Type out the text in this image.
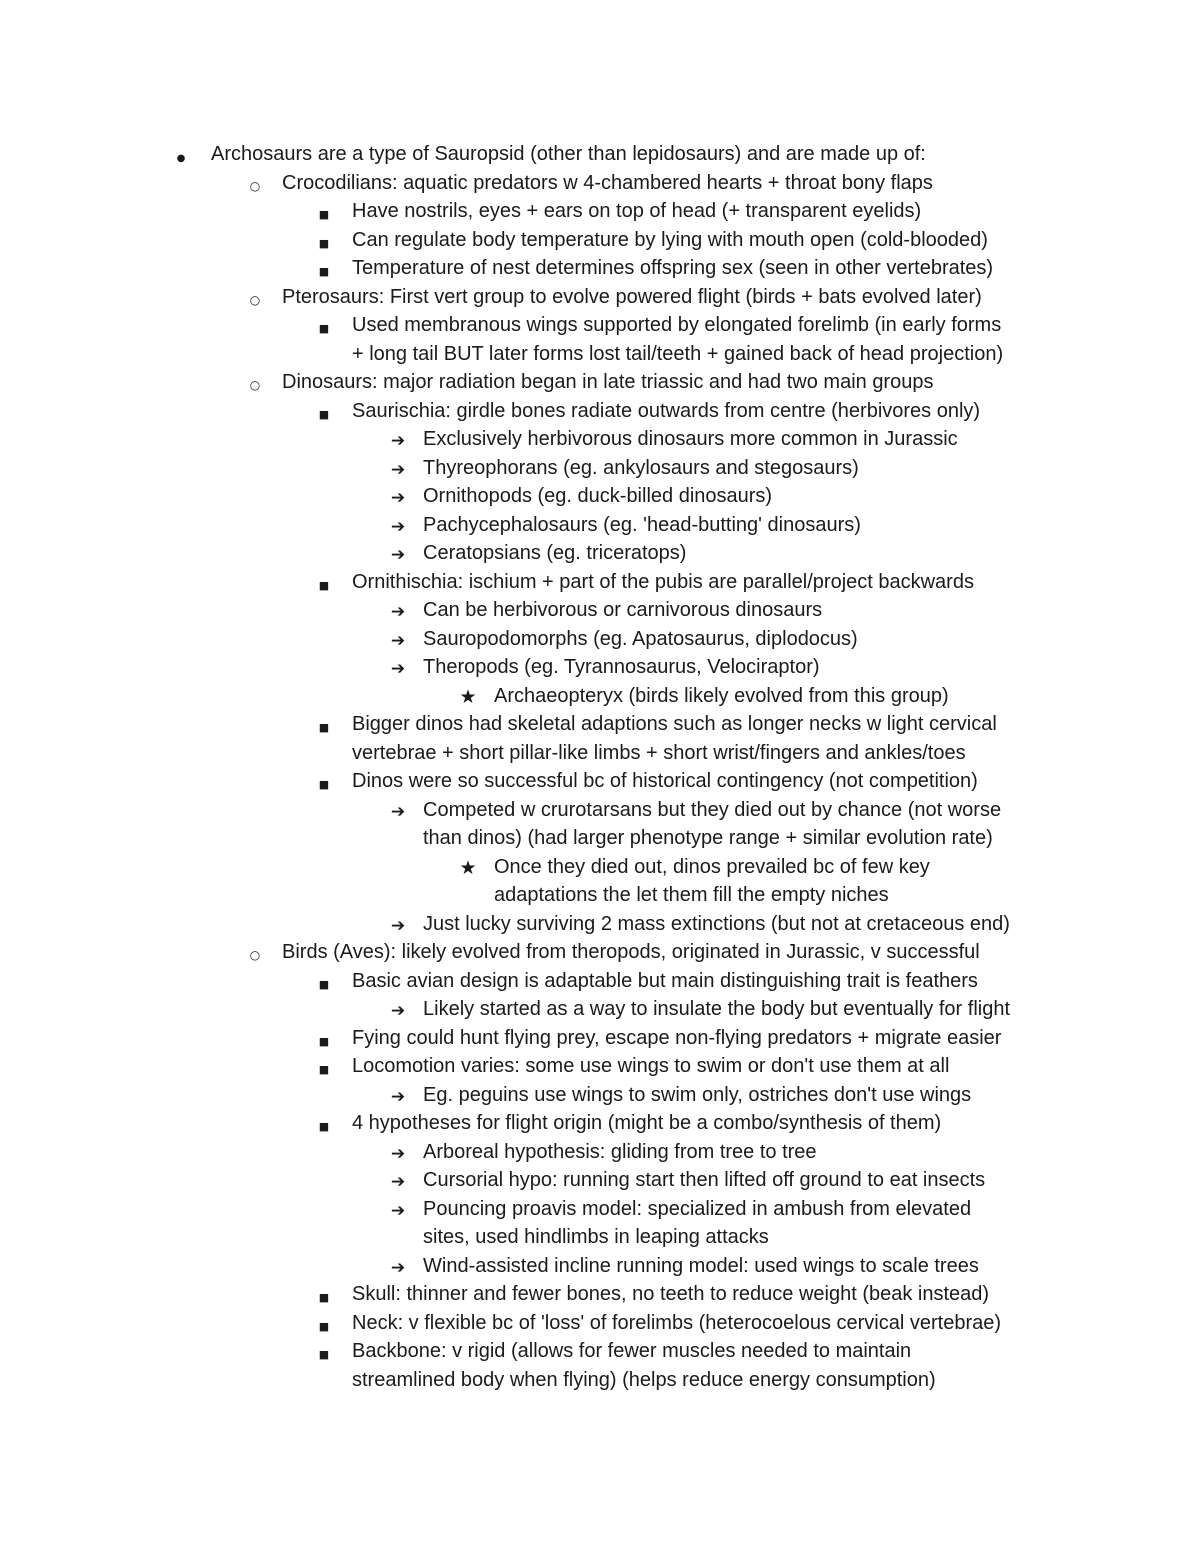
●
Archosaurs are a type of Sauropsid (other than lepidosaurs) and are made up of:
○
Crocodilians: aquatic predators w 4-chambered hearts + throat bony flaps
■
Have nostrils, eyes + ears on top of head (+ transparent eyelids)
■
Can regulate body temperature by lying with mouth open (cold-blooded)
■
Temperature of nest determines offspring sex (seen in other vertebrates)
○
Pterosaurs: First vert group to evolve powered flight (birds + bats evolved later)
■
Used membranous wings supported by elongated forelimb (in early forms
+ long tail BUT later forms lost tail/teeth + gained back of head projection)
○
Dinosaurs: major radiation began in late triassic and had two main groups
■
Saurischia: girdle bones radiate outwards from centre (herbivores only)
➔
Exclusively herbivorous dinosaurs more common in Jurassic
➔
Thyreophorans (eg. ankylosaurs and stegosaurs)
➔
Ornithopods (eg. duck-billed dinosaurs)
➔
Pachycephalosaurs (eg. 'head-butting' dinosaurs)
➔
Ceratopsians (eg. triceratops)
■
Ornithischia: ischium + part of the pubis are parallel/project backwards
➔
Can be herbivorous or carnivorous dinosaurs
➔
Sauropodomorphs (eg. Apatosaurus, diplodocus)
➔
Theropods (eg. Tyrannosaurus, Velociraptor)
★
Archaeopteryx (birds likely evolved from this group)
■
Bigger dinos had skeletal adaptions such as longer necks w light cervical
vertebrae + short pillar-like limbs + short wrist/fingers and ankles/toes
■
Dinos were so successful bc of historical contingency (not competition)
➔
Competed w crurotarsans but they died out by chance (not worse
than dinos) (had larger phenotype range + similar evolution rate)
★
Once they died out, dinos prevailed bc of few key
adaptations the let them fill the empty niches
➔
Just lucky surviving 2 mass extinctions (but not at cretaceous end)
○
Birds (Aves): likely evolved from theropods, originated in Jurassic, v successful
■
Basic avian design is adaptable but main distinguishing trait is feathers
➔
Likely started as a way to insulate the body but eventually for flight
■
Fying could hunt flying prey, escape non-flying predators + migrate easier
■
Locomotion varies: some use wings to swim or don't use them at all
➔
Eg. peguins use wings to swim only, ostriches don't use wings
■
4 hypotheses for flight origin (might be a combo/synthesis of them)
➔
Arboreal hypothesis: gliding from tree to tree
➔
Cursorial hypo: running start then lifted off ground to eat insects
➔
Pouncing proavis model: specialized in ambush from elevated
sites, used hindlimbs in leaping attacks
➔
Wind-assisted incline running model: used wings to scale trees
■
Skull: thinner and fewer bones, no teeth to reduce weight (beak instead)
■
Neck: v flexible bc of 'loss' of forelimbs (heterocoelous cervical vertebrae)
■
Backbone: v rigid (allows for fewer muscles needed to maintain
streamlined body when flying) (helps reduce energy consumption)
